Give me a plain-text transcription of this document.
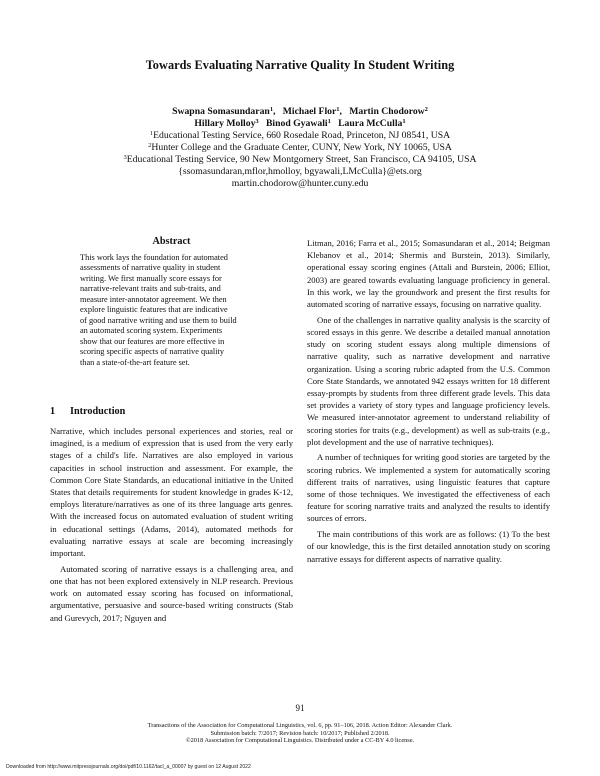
Towards Evaluating Narrative Quality In Student Writing
Swapna Somasundaran$^1$,   Michael Flor$^1$,   Martin Chodorow$^2$
Hillary Molloy$^3$ Binod Gyawali$^1$ Laura McCulla$^1$
$^1$Educational Testing Service, 660 Rosedale Road, Princeton, NJ 08541, USA
$^2$Hunter College and the Graduate Center, CUNY, New York, NY 10065, USA
$^3$Educational Testing Service, 90 New Montgomery Street, San Francisco, CA 94105, USA
{ssomasundaran,mflor,hmolloy, bgyawali,LMcCulla}@ets.org
martin.chodorow@hunter.cuny.edu
Abstract
This work lays the foundation for automated
assessments of narrative quality in student
writing. We first manually score essays for
narrative-relevant traits and sub-traits, and
measure inter-annotator agreement. We then
explore linguistic features that are indicative
of good narrative writing and use them to build
an automated scoring system. Experiments
show that our features are more effective in
scoring specific aspects of narrative quality
than a state-of-the-art feature set.
1 Introduction

Narrative, which includes personal experiences and stories, real or imagined, is a medium of expression that is used from the very early stages of a child's life. Narratives are also employed in various capacities in school instruction and assessment. For example, the Common Core State Standards, an educational initiative in the United States that details requirements for student knowledge in grades K-12, employs literature/narratives as one of its three language arts genres. With the increased focus on automated evaluation of student writing in educational settings (Adams, 2014), automated methods for evaluating narrative essays at scale are becoming increasingly important.

Automated scoring of narrative essays is a challenging area, and one that has not been explored extensively in NLP research. Previous work on automated essay scoring has focused on informational, argumentative, persuasive and source-based writing constructs (Stab and Gurevych, 2017; Nguyen and

Litman, 2016; Farra et al., 2015; Somasundaran et al., 2014; Beigman Klebanov et al., 2014; Shermis and Burstein, 2013). Similarly, operational essay scoring engines (Attali and Burstein, 2006; Elliot, 2003) are geared towards evaluating language proficiency in general. In this work, we lay the groundwork and present the first results for automated scoring of narrative essays, focusing on narrative quality.

One of the challenges in narrative quality analysis is the scarcity of scored essays in this genre. We describe a detailed manual annotation study on scoring student essays along multiple dimensions of narrative quality, such as narrative development and narrative organization. Using a scoring rubric adapted from the U.S. Common Core State Standards, we annotated 942 essays written for 18 different essay-prompts by students from three different grade levels. This data set provides a variety of story types and language proficiency levels. We measured inter-annotator agreement to understand reliability of scoring stories for traits (e.g., development) as well as sub-traits (e.g., plot development and the use of narrative techniques).

A number of techniques for writing good stories are targeted by the scoring rubrics. We implemented a system for automatically scoring different traits of narratives, using linguistic features that capture some of those techniques. We investigated the effectiveness of each feature for scoring narrative traits and analyzed the results to identify sources of errors.

The main contributions of this work are as follows: (1) To the best of our knowledge, this is the first detailed annotation study on scoring narrative essays for different aspects of narrative quality.

91
Transactions of the Association for Computational Linguistics, vol. 6, pp. 91–106, 2018. Action Editor: Alexander Clark.
Submission batch: 7/2017; Revision batch: 10/2017; Published 2/2018.
©2018 Association for Computational Linguistics. Distributed under a CC-BY 4.0 license.
Downloaded from http://www.mitpressjournals.org/doi/pdf/10.1162/tacl_a_00007 by guest on 12 August 2022
